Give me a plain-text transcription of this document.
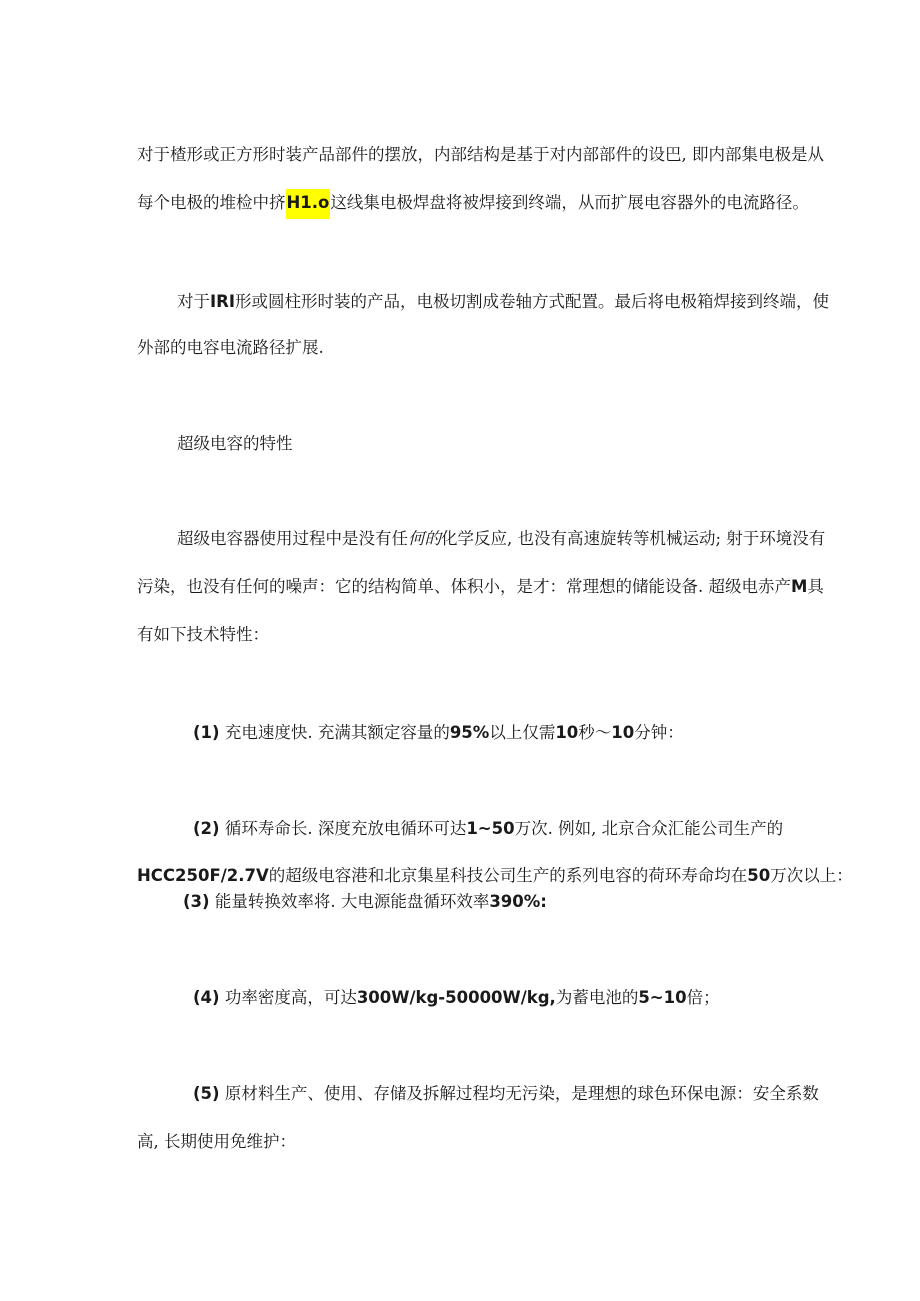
对于楂形或正方形时装产品部件的摆放，内部结构是基于对内部部件的设巴, 即内部集电极是从
每个电极的堆检中挤H1.o这线集电极焊盘将被焊接到终端，从而扩展电容器外的电流路径。
对于IRI形或圆柱形时装的产品，电极切割成卷轴方式配置。最后将电极箱焊接到终端，使
外部的电容电流路径扩展.
超级电容的特性
超级电容器使用过程中是没有任何的化学反应, 也没有高速旋转等机械运动; 射于环境没有
污染，也没有任何的噪声：它的结构简单、体积小，是才：常理想的储能设备. 超级电赤产M具
有如下技术特性：
(1) 充电速度快. 充满其额定容量的95%以上仅需10秒～10分钟：
(2) 循环寿命长. 深度充放电循环可达1~50万次. 例如, 北京合众汇能公司生产的
HCC250F/2.7V的超级电容港和北京集星科技公司生产的系列电容的荷环寿命均在50万次以上：
(3) 能量转换效率将. 大电源能盘循环效率390%:
(4) 功率密度高，可达300W/kg-50000W/kg,为蓄电池的5~10倍；
(5) 原材料生产、使用、存储及拆解过程均无污染，是理想的球色环保电源：安全系数
高, 长期使用免维护：
